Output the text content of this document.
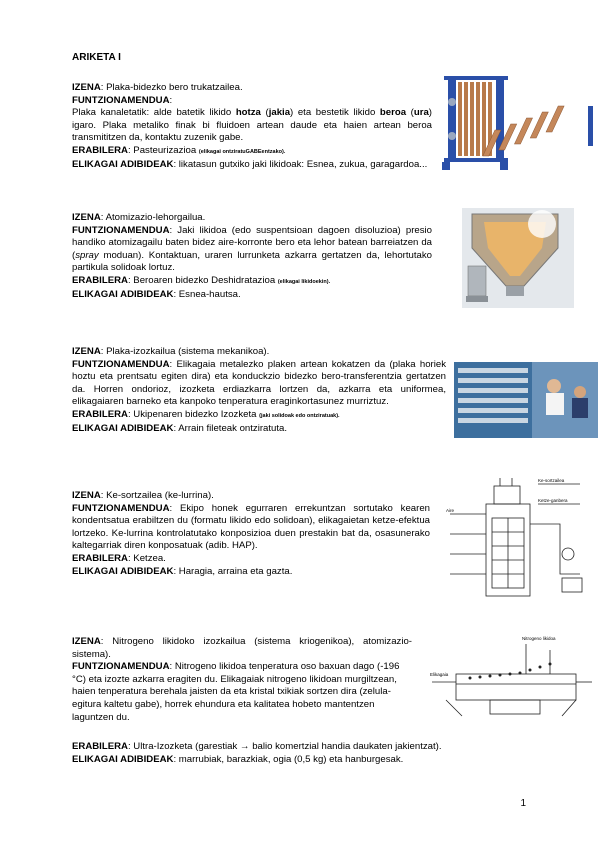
ARIKETA I

IZENA: Plaka-bidezko bero trukatzailea.

FUNTZIONAMENDUA:

Plaka kanaletatik: alde batetik likido hotza (jakia) eta bestetik likido beroa (ura) igaro. Plaka metaliko finak bi fluidoen artean daude eta haien artean beroa transmititzen da, kontaktu zuzenik gabe.

ERABILERA: Pasteurizazioa (elikagai ontziratuGABEentzako).

ELIKAGAI ADIBIDEAK: likatasun gutxiko jaki likidoak: Esnea, zukua, garagardoa...

IZENA: Atomizazio-lehorgailua.

FUNTZIONAMENDUA: Jaki likidoa (edo suspentsioan dagoen disoluzioa) presio handiko atomizagailu baten bidez aire-korronte bero eta lehor batean barreiatzen da (spray moduan). Kontaktuan, uraren lurrunketa azkarra gertatzen da, lehortutako partikula solidoak lortuz.

ERABILERA: Beroaren bidezko Deshidratazioa (elikagai likidoekin).

ELIKAGAI ADIBIDEAK: Esnea-hautsa.

IZENA: Plaka-izozkailua (sistema mekanikoa).

FUNTZIONAMENDUA: Elikagaia metalezko plaken artean kokatzen da (plaka horiek hoztu eta prentsatu egiten dira) eta konduckzio bidezko bero-transferentzia gertatzen da. Horren ondorioz, izozketa erdiazkarra lortzen da, azkarra eta uniformea, elikagaiaren barneko eta kanpoko tenperatura eraginkortasunez murriztuz.

ERABILERA: Ukipenaren bidezko Izozketa (jaki solidoak edo ontziratuak).

ELIKAGAI ADIBIDEAK: Arrain fileteak ontziratuta.

IZENA: Ke-sortzailea (ke-lurrina).

FUNTZIONAMENDUA: Ekipo honek egurraren errekuntzan sortutako kearen kondentsatua erabiltzen du (formatu likido edo solidoan), elikagaietan ketze-efektua lortzeko. Ke-lurrina kontrolatutako konposizioa duen prestakin bat da, osasunerako kaltegarriak diren konposatuak (adib. HAP).

ERABILERA: Ketzea.

ELIKAGAI ADIBIDEAK: Haragia, arraina eta gazta.

Aire
Ke-sortzailea
Ketze-ganbera

IZENA: Nitrogeno likidoko izozkailua (sistema kriogenikoa), atomizazio-sistema).

FUNTZIONAMENDUA: Nitrogeno likidoa tenperatura oso baxuan dago (-196 °C) eta izozte azkarra eragiten du. Elikagaiak nitrogeno likidoan murgiltzean, haien tenperatura berehala jaisten da eta kristal txikiak sortzen dira (zelula-egitura kaltetu gabe), horrek ehundura eta kalitatea hobeto mantentzen laguntzen du.

ERABILERA: Ultra-Izozketa (garestiak → balio komertzial handia daukaten jakientzat).

ELIKAGAI ADIBIDEAK: marrubiak, barazkiak, ogia (0,5 kg) eta hanburgesak.

Nitrogeno likidoa
Elikagaia
1
